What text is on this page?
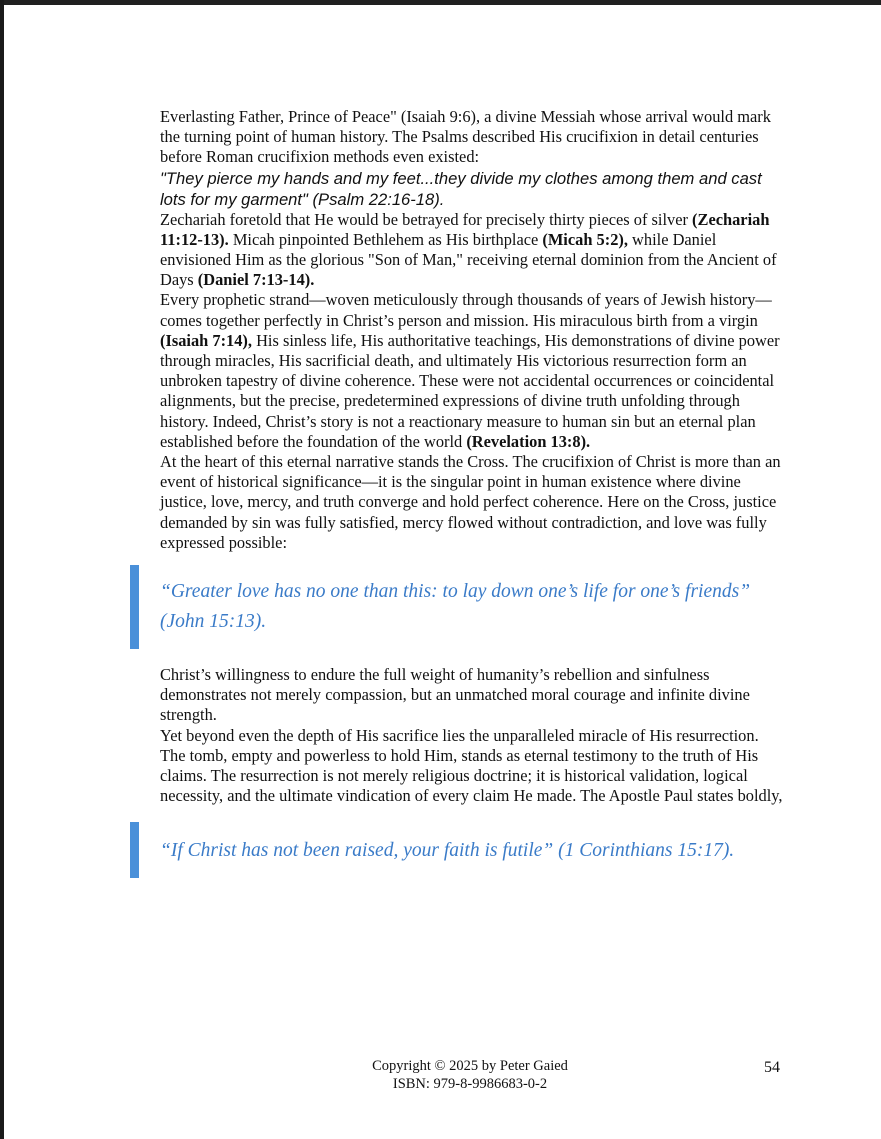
Everlasting Father, Prince of Peace" (Isaiah 9:6), a divine Messiah whose arrival would mark the turning point of human history. The Psalms described His crucifixion in detail centuries before Roman crucifixion methods even existed:

"They pierce my hands and my feet...they divide my clothes among them and cast lots for my garment" (Psalm 22:16-18).

Zechariah foretold that He would be betrayed for precisely thirty pieces of silver (Zechariah 11:12-13). Micah pinpointed Bethlehem as His birthplace (Micah 5:2), while Daniel envisioned Him as the glorious "Son of Man," receiving eternal dominion from the Ancient of Days (Daniel 7:13-14).

Every prophetic strand—woven meticulously through thousands of years of Jewish history—comes together perfectly in Christ’s person and mission. His miraculous birth from a virgin (Isaiah 7:14), His sinless life, His authoritative teachings, His demonstrations of divine power through miracles, His sacrificial death, and ultimately His victorious resurrection form an unbroken tapestry of divine coherence. These were not accidental occurrences or coincidental alignments, but the precise, predetermined expressions of divine truth unfolding through history. Indeed, Christ’s story is not a reactionary measure to human sin but an eternal plan established before the foundation of the world (Revelation 13:8).

At the heart of this eternal narrative stands the Cross. The crucifixion of Christ is more than an event of historical significance—it is the singular point in human existence where divine justice, love, mercy, and truth converge and hold perfect coherence. Here on the Cross, justice demanded by sin was fully satisfied, mercy flowed without contradiction, and love was fully expressed possible:

“Greater love has no one than this: to lay down one’s life for one’s friends” (John 15:13).

Christ’s willingness to endure the full weight of humanity’s rebellion and sinfulness demonstrates not merely compassion, but an unmatched moral courage and infinite divine strength.

Yet beyond even the depth of His sacrifice lies the unparalleled miracle of His resurrection. The tomb, empty and powerless to hold Him, stands as eternal testimony to the truth of His claims. The resurrection is not merely religious doctrine; it is historical validation, logical necessity, and the ultimate vindication of every claim He made. The Apostle Paul states boldly,

“If Christ has not been raised, your faith is futile” (1 Corinthians 15:17).
Copyright © 2025 by Peter Gaied
ISBN: 979-8-9986683-0-2
54
